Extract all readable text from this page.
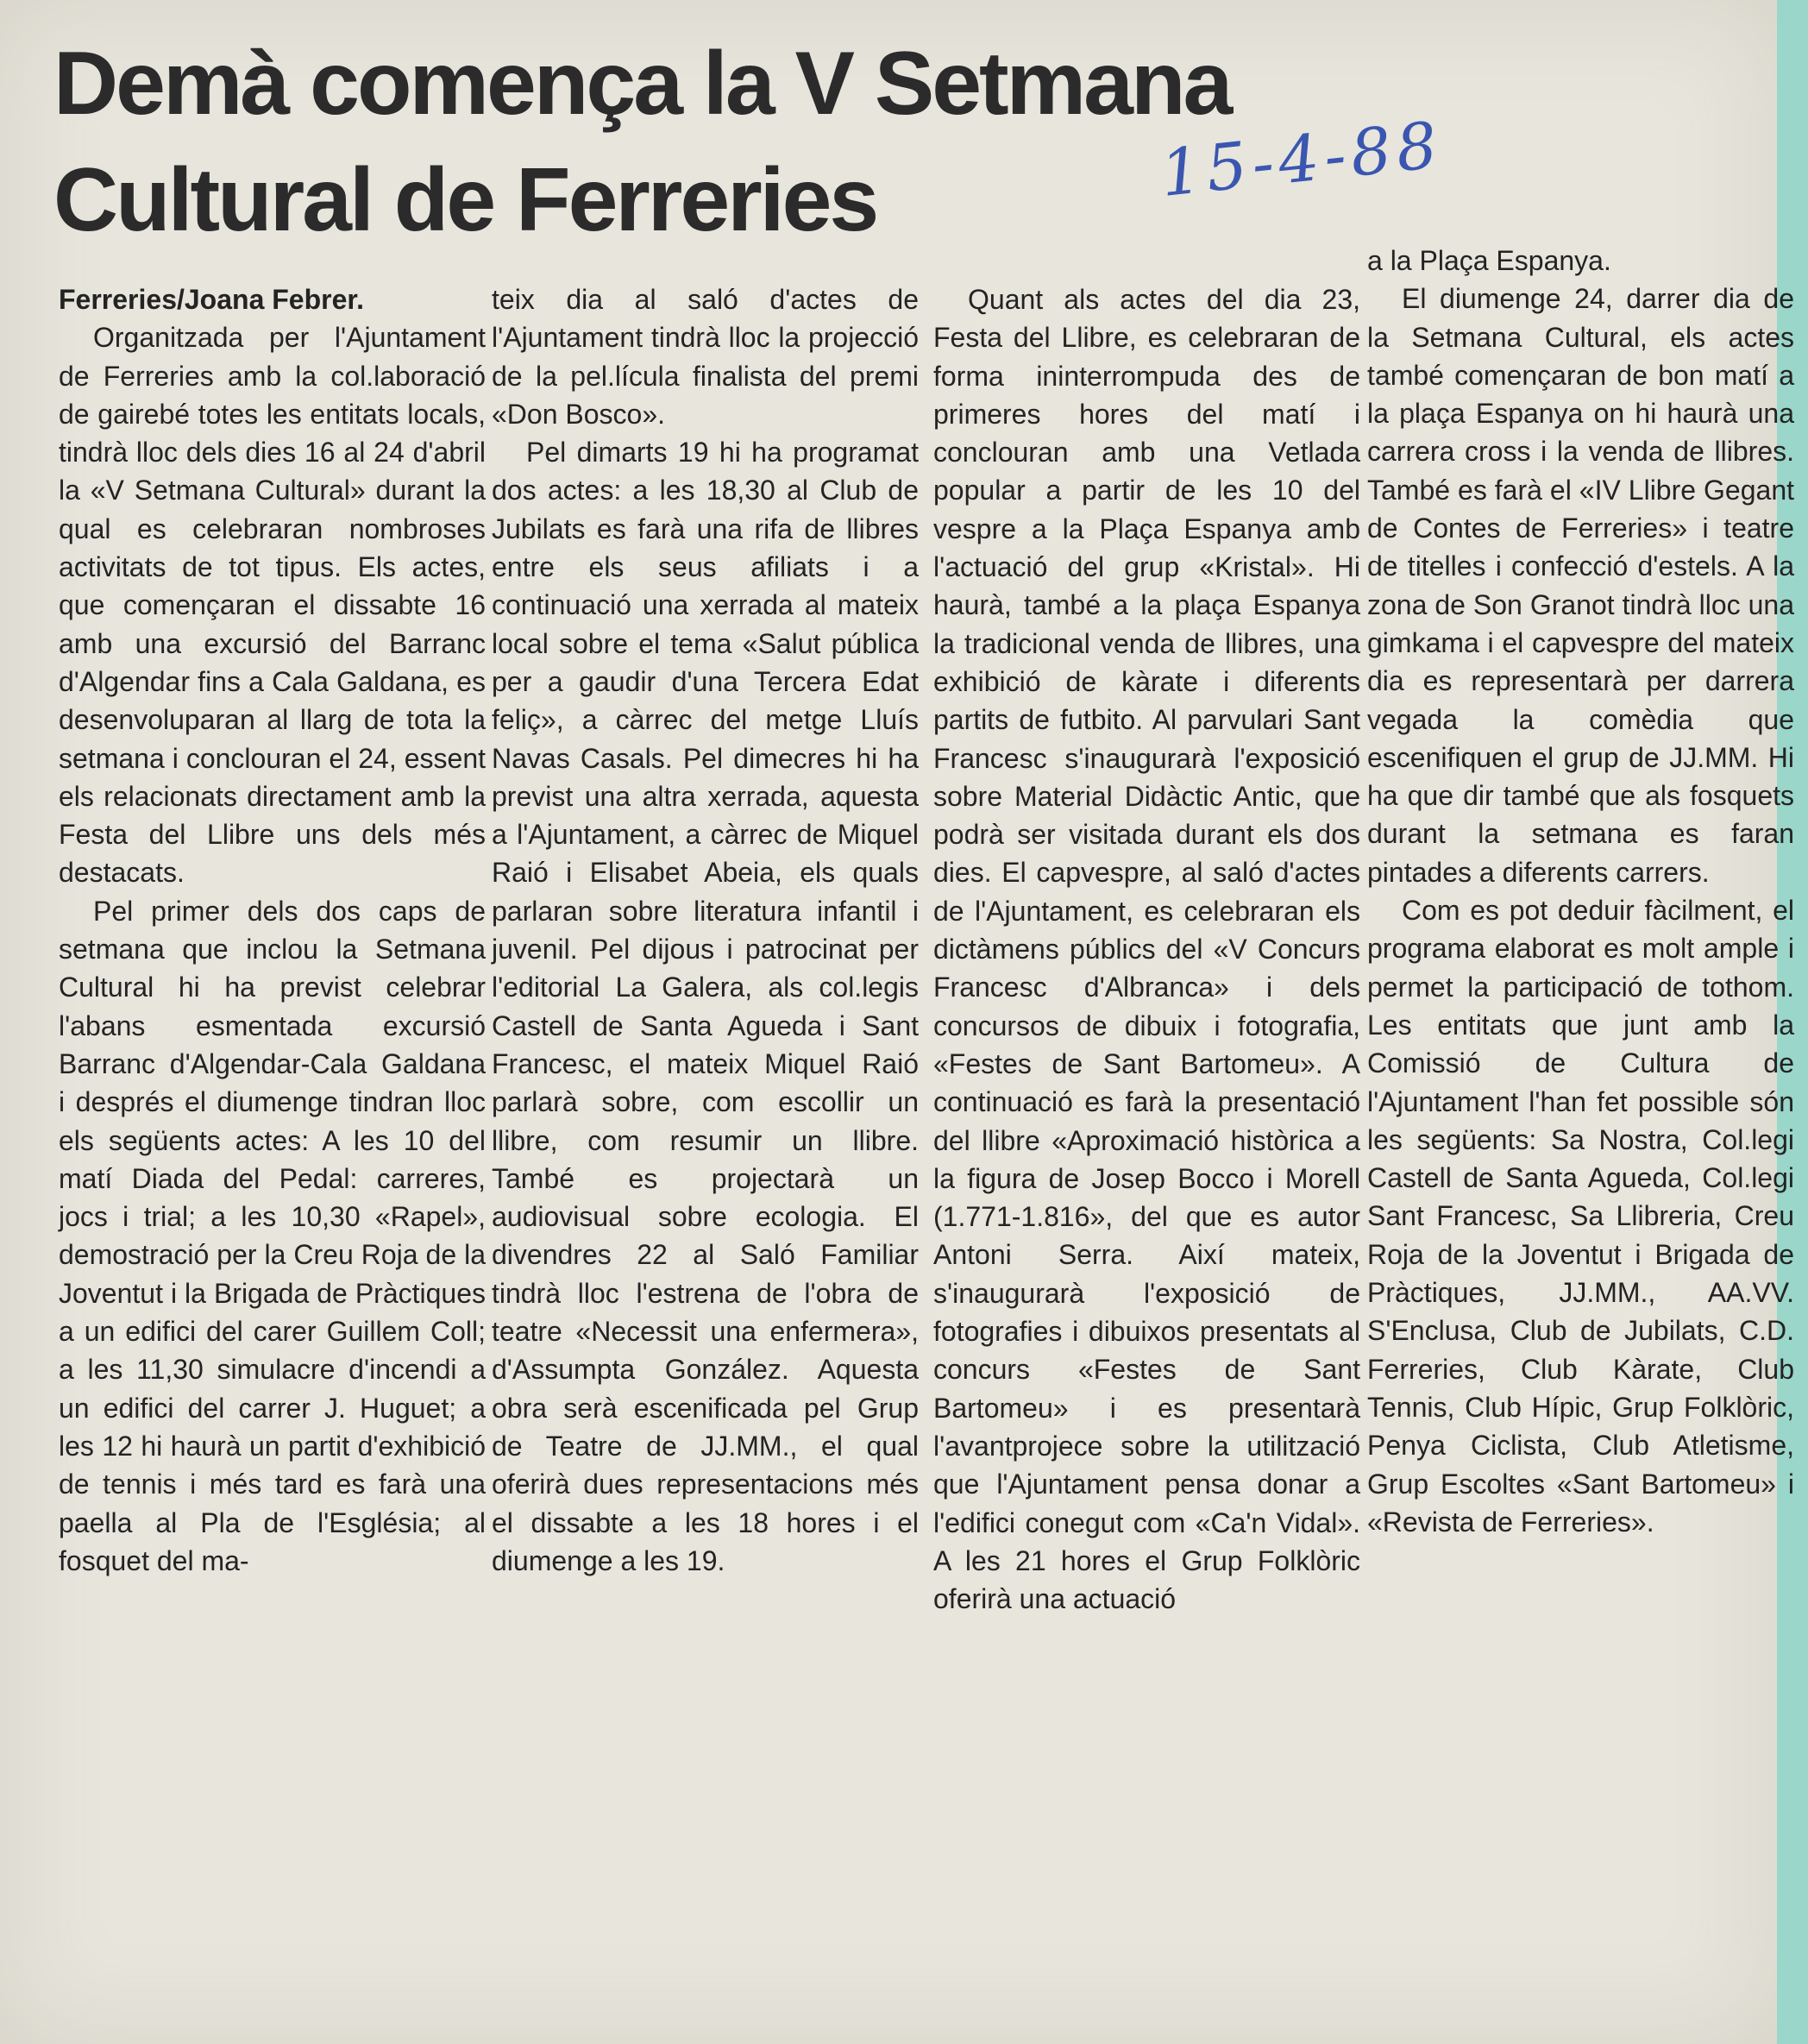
Demà comença la V Setmana
Cultural de Ferreries	15-4-88

Ferreries/Joana Febrer.

Organitzada per l'Ajuntament de Ferreries amb la col.laboració de gairebé totes les entitats locals, tindrà lloc dels dies 16 al 24 d'abril la «V Setmana Cultural» durant la qual es celebraran nombroses activitats de tot tipus. Els actes, que començaran el dissabte 16 amb una excursió del Barranc d'Algendar fins a Cala Galdana, es desenvoluparan al llarg de tota la setmana i conclouran el 24, essent els relacionats directament amb la Festa del Llibre uns dels més destacats.

Pel primer dels dos caps de setmana que inclou la Setmana Cultural hi ha previst celebrar l'abans esmentada excursió Barranc d'Algendar-Cala Galdana i després el diumenge tindran lloc els següents actes: A les 10 del matí Diada del Pedal: carreres, jocs i trial; a les 10,30 «Rapel», demostració per la Creu Roja de la Joventut i la Brigada de Pràctiques a un edifici del carer Guillem Coll; a les 11,30 simulacre d'incendi a un edifici del carrer J. Huguet; a les 12 hi haurà un partit d'exhibició de tennis i més tard es farà una paella al Pla de l'Església; al fosquet del ma-

teix dia al saló d'actes de l'Ajuntament tindrà lloc la projecció de la pel.lícula finalista del premi «Don Bosco».

Pel dimarts 19 hi ha programat dos actes: a les 18,30 al Club de Jubilats es farà una rifa de llibres entre els seus afiliats i a continuació una xerrada al mateix local sobre el tema «Salut pública per a gaudir d'una Tercera Edat feliç», a càrrec del metge Lluís Navas Casals. Pel dimecres hi ha previst una altra xerrada, aquesta a l'Ajuntament, a càrrec de Miquel Raió i Elisabet Abeia, els quals parlaran sobre literatura infantil i juvenil. Pel dijous i patrocinat per l'editorial La Galera, als col.legis Castell de Santa Agueda i Sant Francesc, el mateix Miquel Raió parlarà sobre, com escollir un llibre, com resumir un llibre. També es projectarà un audiovisual sobre ecologia. El divendres 22 al Saló Familiar tindrà lloc l'estrena de l'obra de teatre «Necessit una enfermera», d'Assumpta González. Aquesta obra serà escenificada pel Grup de Teatre de JJ.MM., el qual oferirà dues representacions més el dissabte a les 18 hores i el diumenge a les 19.

Quant als actes del dia 23, Festa del Llibre, es celebraran de forma ininterrompuda des de primeres hores del matí i conclouran amb una Vetlada popular a partir de les 10 del vespre a la Plaça Espanya amb l'actuació del grup «Kristal». Hi haurà, també a la plaça Espanya la tradicional venda de llibres, una exhibició de kàrate i diferents partits de futbito. Al parvulari Sant Francesc s'inaugurarà l'exposició sobre Material Didàctic Antic, que podrà ser visitada durant els dos dies. El capvespre, al saló d'actes de l'Ajuntament, es celebraran els dictàmens públics del «V Concurs Francesc d'Albranca» i dels concursos de dibuix i fotografia, «Festes de Sant Bartomeu». A continuació es farà la presentació del llibre «Aproximació històrica a la figura de Josep Bocco i Morell (1.771-1.816», del que es autor Antoni Serra. Així mateix, s'inaugurarà l'exposició de fotografies i dibuixos presentats al concurs «Festes de Sant Bartomeu» i es presentarà l'avantprojece sobre la utilització que l'Ajuntament pensa donar a l'edifici conegut com «Ca'n Vidal». A les 21 hores el Grup Folklòric oferirà una actuació

a la Plaça Espanya.

El diumenge 24, darrer dia de la Setmana Cultural, els actes també començaran de bon matí a la plaça Espanya on hi haurà una carrera cross i la venda de llibres. També es farà el «IV Llibre Gegant de Contes de Ferreries» i teatre de titelles i confecció d'estels. A la zona de Son Granot tindrà lloc una gimkama i el capvespre del mateix dia es representarà per darrera vegada la comèdia que escenifiquen el grup de JJ.MM. Hi ha que dir també que als fosquets durant la setmana es faran pintades a diferents carrers.

Com es pot deduir fàcilment, el programa elaborat es molt ample i permet la participació de tothom. Les entitats que junt amb la Comissió de Cultura de l'Ajuntament l'han fet possible són les següents: Sa Nostra, Col.legi Castell de Santa Agueda, Col.legi Sant Francesc, Sa Llibreria, Creu Roja de la Joventut i Brigada de Pràctiques, JJ.MM., AA.VV. S'Enclusa, Club de Jubilats, C.D. Ferreries, Club Kàrate, Club Tennis, Club Hípic, Grup Folklòric, Penya Ciclista, Club Atletisme, Grup Escoltes «Sant Bartomeu» i «Revista de Ferreries».
